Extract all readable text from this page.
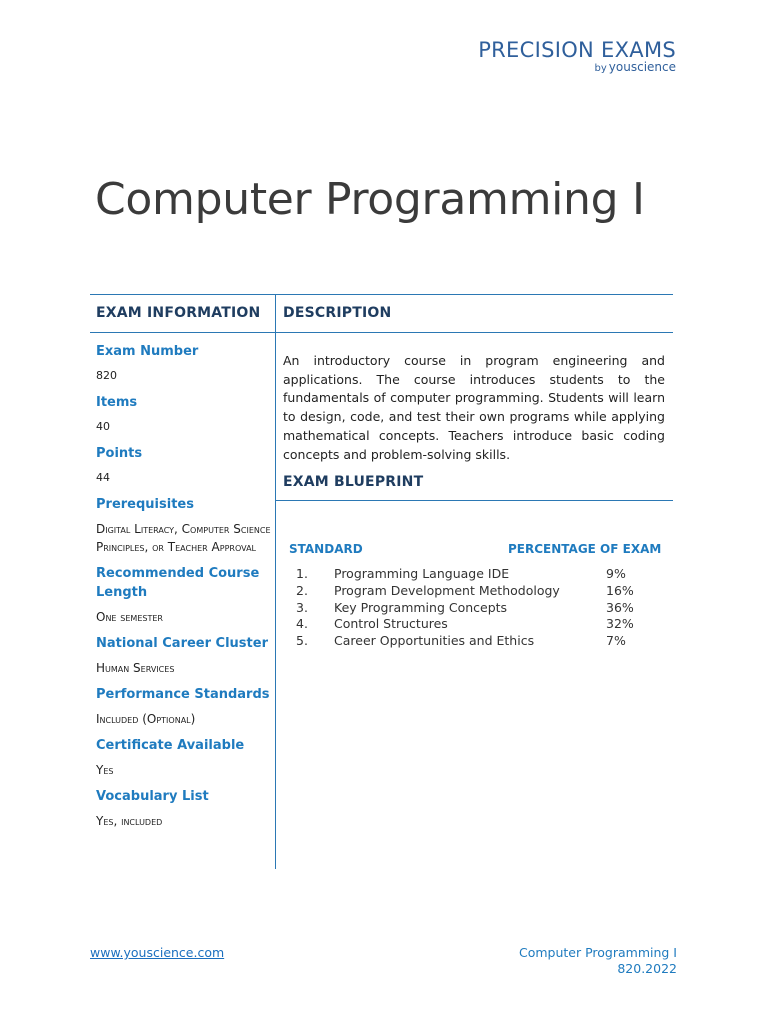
PRECISION EXAMS
by youscience
Computer Programming I
EXAM INFORMATION DESCRIPTION
EXAM BLUEPRINT
Exam Number
820
Items
40
Points
44
Prerequisites
Digital Literacy, Computer Science Principles, or Teacher Approval
Recommended Course Length
One semester
National Career Cluster
Human Services
Performance Standards
Included (Optional)
Certificate Available
Yes
Vocabulary List
Yes, included

An introductory course in program engineering and applications. The course introduces students to the fundamentals of computer programming. Students will learn to design, code, and test their own programs while applying mathematical concepts. Teachers introduce basic coding concepts and problem-solving skills.

STANDARD	PERCENTAGE OF EXAM
1.	Programming Language IDE	9%
2.	Program Development Methodology	16%
3.	Key Programming Concepts	36%
4.	Control Structures	32%
5.	Career Opportunities and Ethics	7%
www.youscience.com	Computer Programming I
820.2022
